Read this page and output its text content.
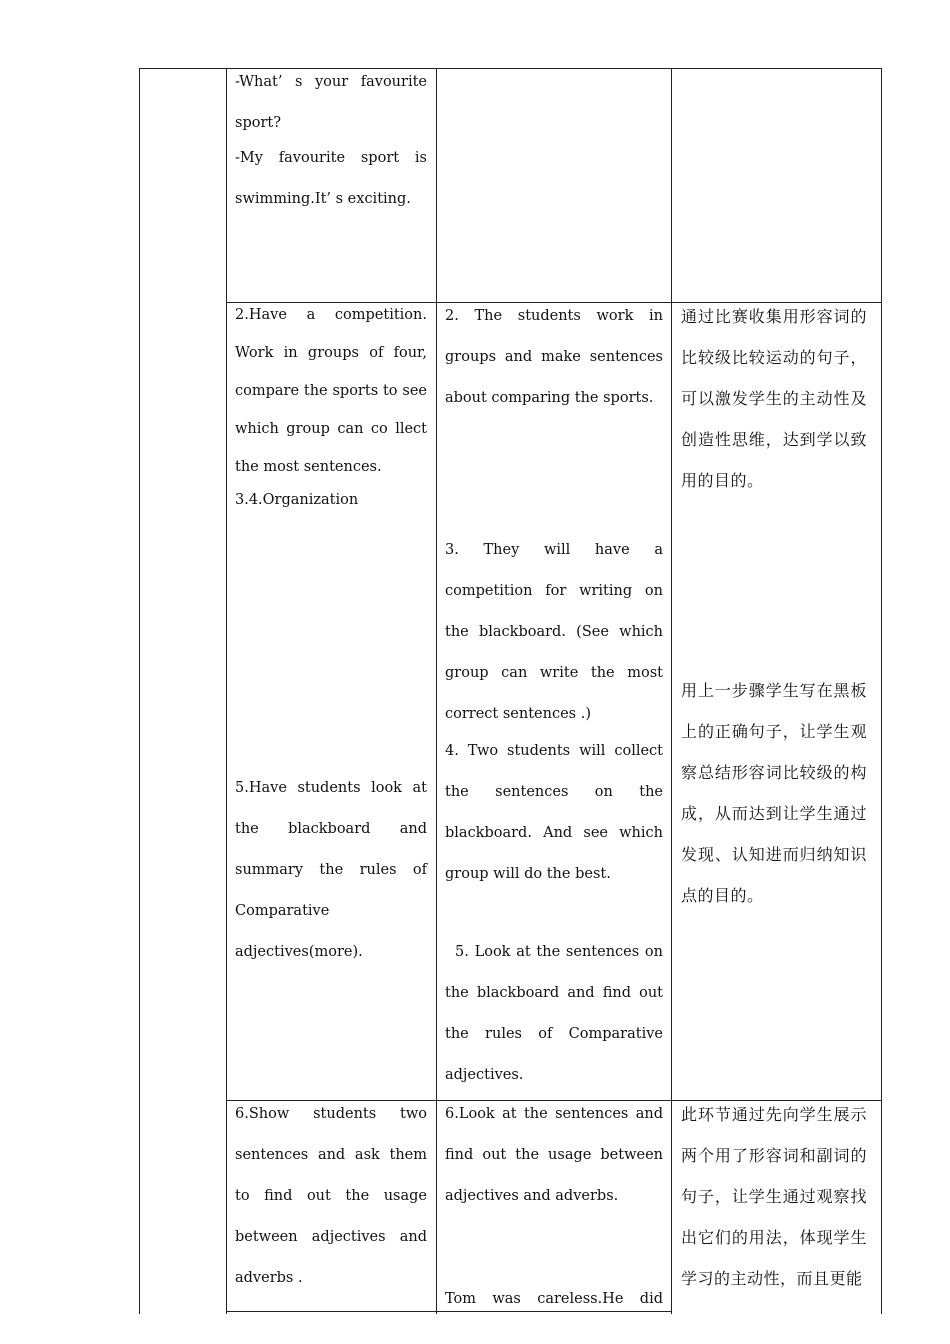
-What’ s your favourite sport?

-My favourite sport is swimming.It’ s exciting.

2.Have a competition. Work in groups of four, compare the sports to see which group can co llect the most sentences.

3.4.Organization

5.Have students look at the blackboard and summary the rules of Comparative adjectives(more).

2. The students work in groups and make sentences about comparing the sports.

3. They will have a competition for writing on the blackboard. (See which group can write the most correct sentences .)

4. Two students will collect the sentences on the blackboard. And see which group will do the best.

5. Look at the sentences on the blackboard and find out the rules of Comparative adjectives.

通过比赛收集用形容词的比较级比较运动的句子，可以激发学生的主动性及创造性思维，达到学以致用的目的。

用上一步骤学生写在黑板上的正确句子，让学生观察总结形容词比较级的构成，从而达到让学生通过发现、认知进而归纳知识点的目的。

6.Show students two sentences and ask them to find out the usage between adjectives and adverbs .

6.Look at the sentences and find out the usage between adjectives and adverbs.

Tom was careless.He did

此环节通过先向学生展示两个用了形容词和副词的句子，让学生通过观察找出它们的用法，体现学生学习的主动性，而且更能
